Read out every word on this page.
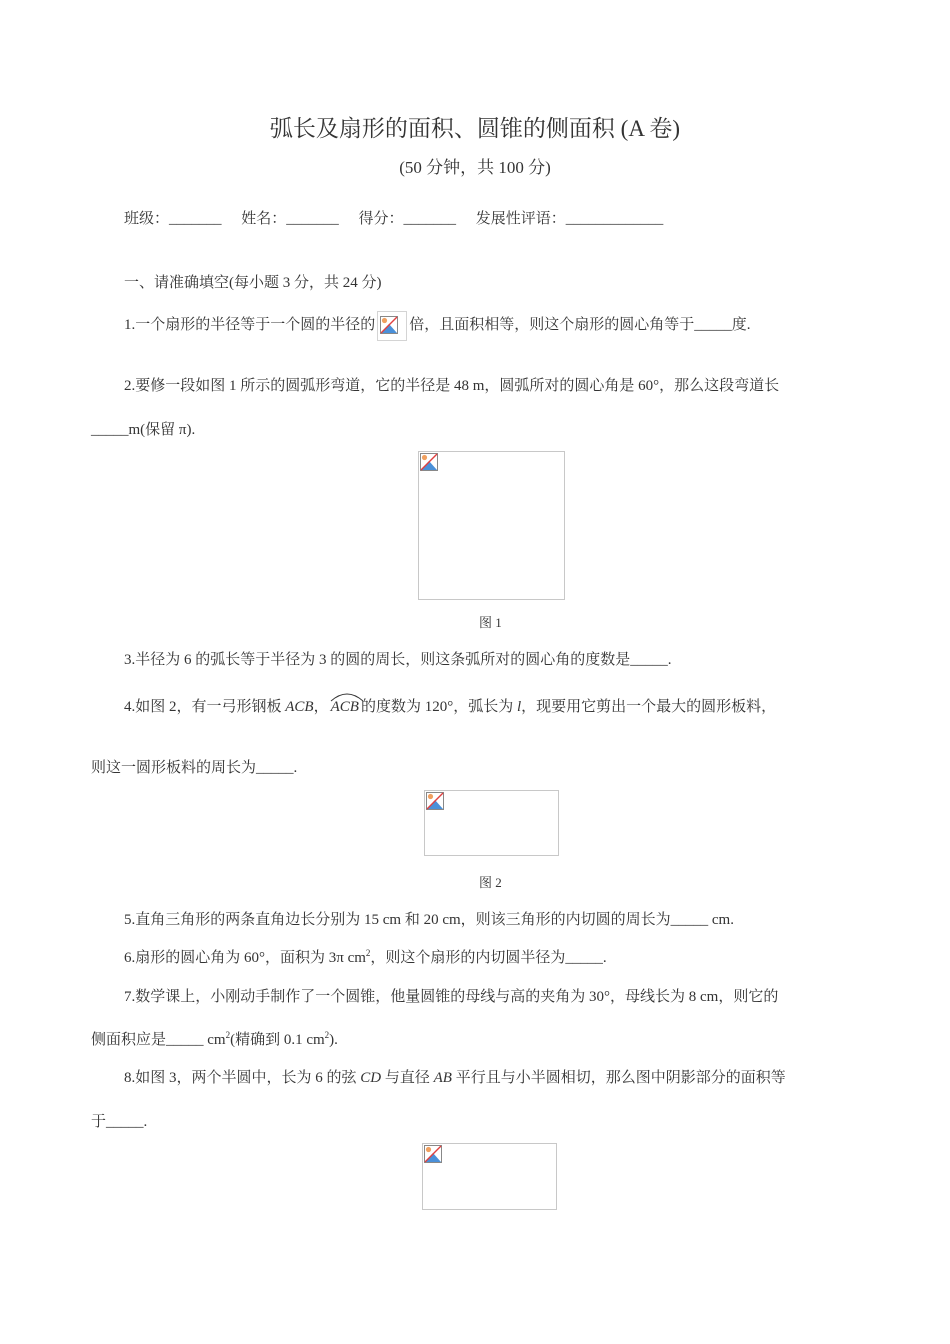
弧长及扇形的面积、圆锥的侧面积 (A 卷)
(50 分钟，共 100 分)
班级：_______ 姓名：_______ 得分：_______ 发展性评语：_____________
一、请准确填空(每小题 3 分，共 24 分)
1.一个扇形的半径等于一个圆的半径的 倍，且面积相等，则这个扇形的圆心角等于_____度.
2.要修一段如图 1 所示的圆弧形弯道，它的半径是 48 m，圆弧所对的圆心角是 60°，那么这段弯道长
_____m(保留 π).
图 1
3.半径为 6 的弧长等于半径为 3 的圆的周长，则这条弧所对的圆心角的度数是_____.
4.如图 2，有一弓形钢板 ACB， ACB 的度数为 120°，弧长为 l，现要用它剪出一个最大的圆形板料，
则这一圆形板料的周长为_____.
图 2
5.直角三角形的两条直角边长分别为 15 cm 和 20 cm，则该三角形的内切圆的周长为_____ cm.
6.扇形的圆心角为 60°，面积为 3π $cm^2$，则这个扇形的内切圆半径为_____.
7.数学课上，小刚动手制作了一个圆锥，他量圆锥的母线与高的夹角为 30°，母线长为 8 cm，则它的
侧面积应是_____ $cm^2$(精确到 0.1 $cm^2$).
8.如图 3，两个半圆中，长为 6 的弦 CD 与直径 AB 平行且与小半圆相切，那么图中阴影部分的面积等
于_____.
